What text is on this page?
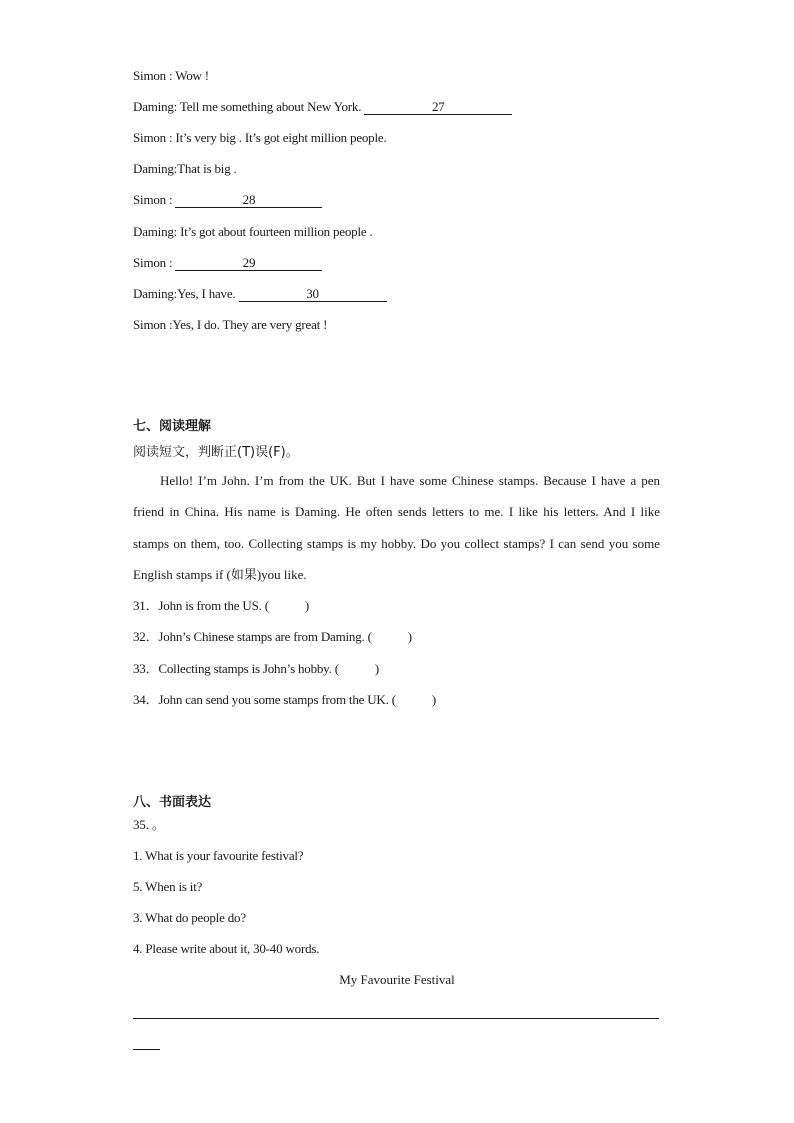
Simon : Wow !
Daming: Tell me something about New York.	27
Simon : It’s very big . It’s got eight million people.
Daming:That is big .
Simon :	28
Daming: It’s got about fourteen million people .
Simon :	29
Daming:Yes, I have.	30
Simon :Yes, I do. They are very great !
七、阅读理解
阅读短文，判断正(T)误(F)。
Hello! I’m John. I’m from the UK. But I have some Chinese stamps. Because I have a pen friend in China. His name is Daming. He often sends letters to me. I like his letters. And I like stamps on them, too. Collecting stamps is my hobby. Do you collect stamps? I can send you some English stamps if (如果)you like.
31．John is from the US. (	)
32．John’s Chinese stamps are from Daming. (	)
33．Collecting stamps is John’s hobby. (	)
34．John can send you some stamps from the UK. (	)
八、书面表达
35．。
1. What is your favourite festival?
5. When is it?
3. What do people do?
4. Please write about it, 30-40 words.
My Favourite Festival
